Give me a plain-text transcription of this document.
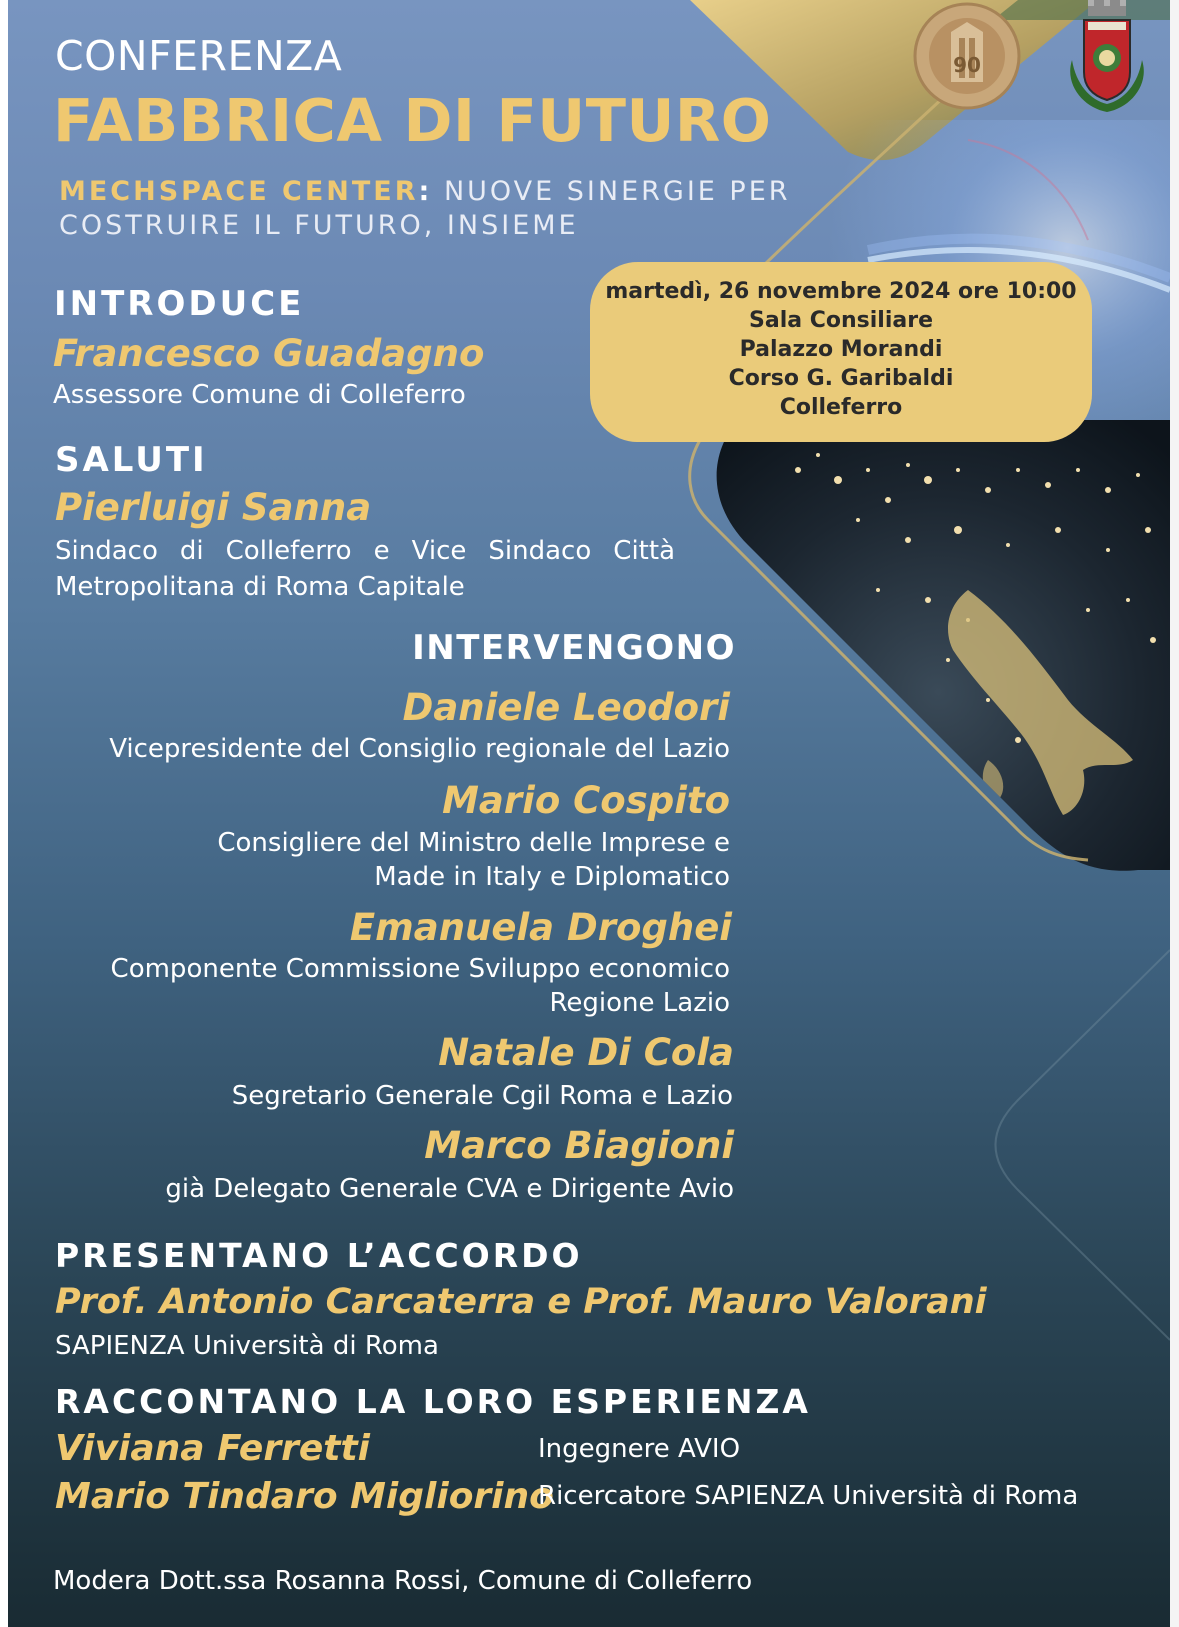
90
CONFERENZA
FABBRICA DI FUTURO
MECHSPACE CENTER: NUOVE SINERGIE PER
COSTRUIRE IL FUTURO, INSIEME
martedì, 26 novembre 2024 ore 10:00
Sala Consiliare
Palazzo Morandi
Corso G. Garibaldi
Colleferro
INTRODUCE
Francesco Guadagno
Assessore Comune di Colleferro
SALUTI
Pierluigi Sanna
Sindaco di Colleferro e Vice Sindaco Città
Metropolitana di Roma Capitale
INTERVENGONO
Daniele Leodori
Vicepresidente del Consiglio regionale del Lazio
Mario Cospito
Consigliere del Ministro delle Imprese e
Made in Italy e Diplomatico
Emanuela Droghei
Componente Commissione Sviluppo economico
Regione Lazio
Natale Di Cola
Segretario Generale Cgil Roma e Lazio
Marco Biagioni
già Delegato Generale CVA e Dirigente Avio
PRESENTANO L’ACCORDO
Prof. Antonio Carcaterra e Prof. Mauro Valorani
SAPIENZA Università di Roma
RACCONTANO LA LORO ESPERIENZA
Viviana Ferretti	Ingegnere AVIO
Mario Tindaro Migliorino
Ricercatore SAPIENZA Università di Roma
Modera Dott.ssa Rosanna Rossi, Comune di Colleferro
